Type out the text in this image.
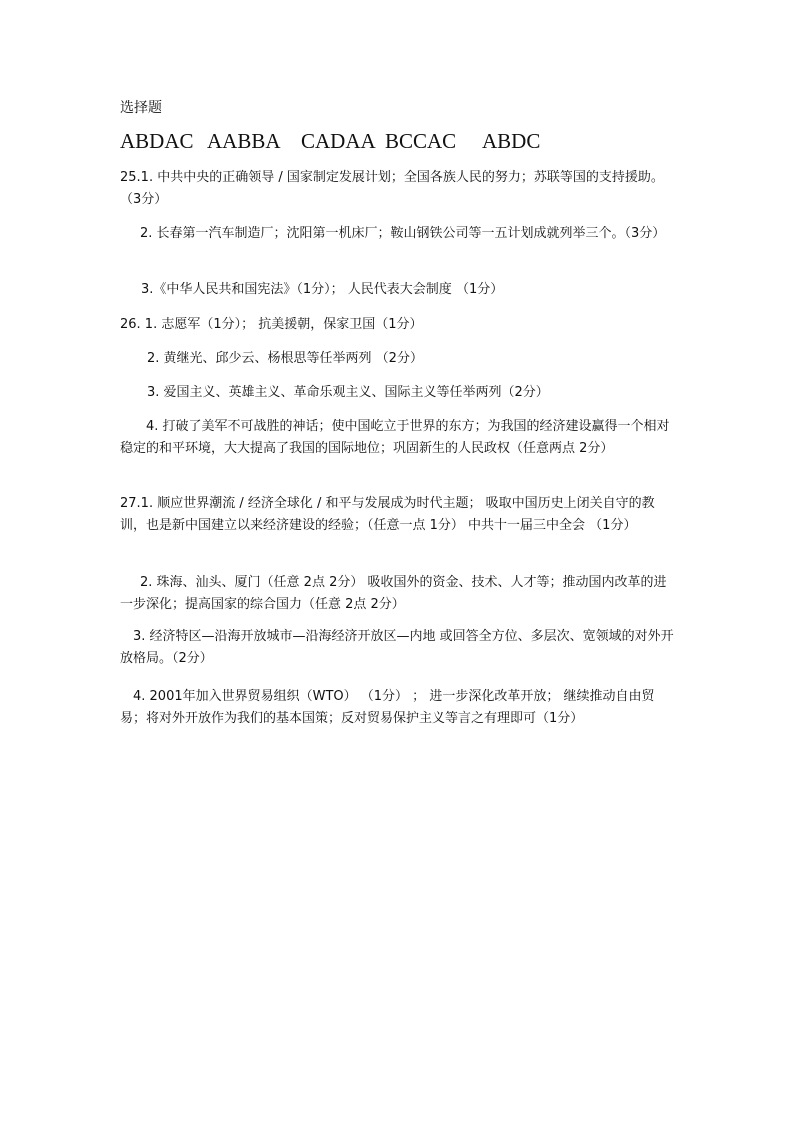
选择题
ABDAC AABBA CADAA BCCAC ABDC
25.1. 中共中央的正确领导 / 国家制定发展计划；全国各族人民的努力；苏联等国的支持援助。（3分）
2. 长春第一汽车制造厂；沈阳第一机床厂；鞍山钢铁公司等一五计划成就列举三个。（3分）
3.《中华人民共和国宪法》（1分）； 人民代表大会制度 （1分）
26. 1. 志愿军（1分）； 抗美援朝，保家卫国（1分）
2. 黄继光、邱少云、杨根思等任举两列 （2分）
3. 爱国主义、英雄主义、革命乐观主义、国际主义等任举两列（2分）
4. 打破了美军不可战胜的神话；使中国屹立于世界的东方；为我国的经济建设赢得一个相对稳定的和平环境，大大提高了我国的国际地位；巩固新生的人民政权（任意两点 2分）
27.1. 顺应世界潮流 / 经济全球化 / 和平与发展成为时代主题； 吸取中国历史上闭关自守的教训，也是新中国建立以来经济建设的经验；（任意一点 1分） 中共十一届三中全会 （1分）
2. 珠海、汕头、厦门（任意 2点 2分） 吸收国外的资金、技术、人才等；推动国内改革的进一步深化；提高国家的综合国力（任意 2点 2分）
3. 经济特区—沿海开放城市—沿海经济开放区—内地 或回答全方位、多层次、宽领域的对外开放格局。（2分）
4. 2001年加入世界贸易组织（WTO） （1分） ； 进一步深化改革开放； 继续推动自由贸易；将对外开放作为我们的基本国策；反对贸易保护主义等言之有理即可（1分）
